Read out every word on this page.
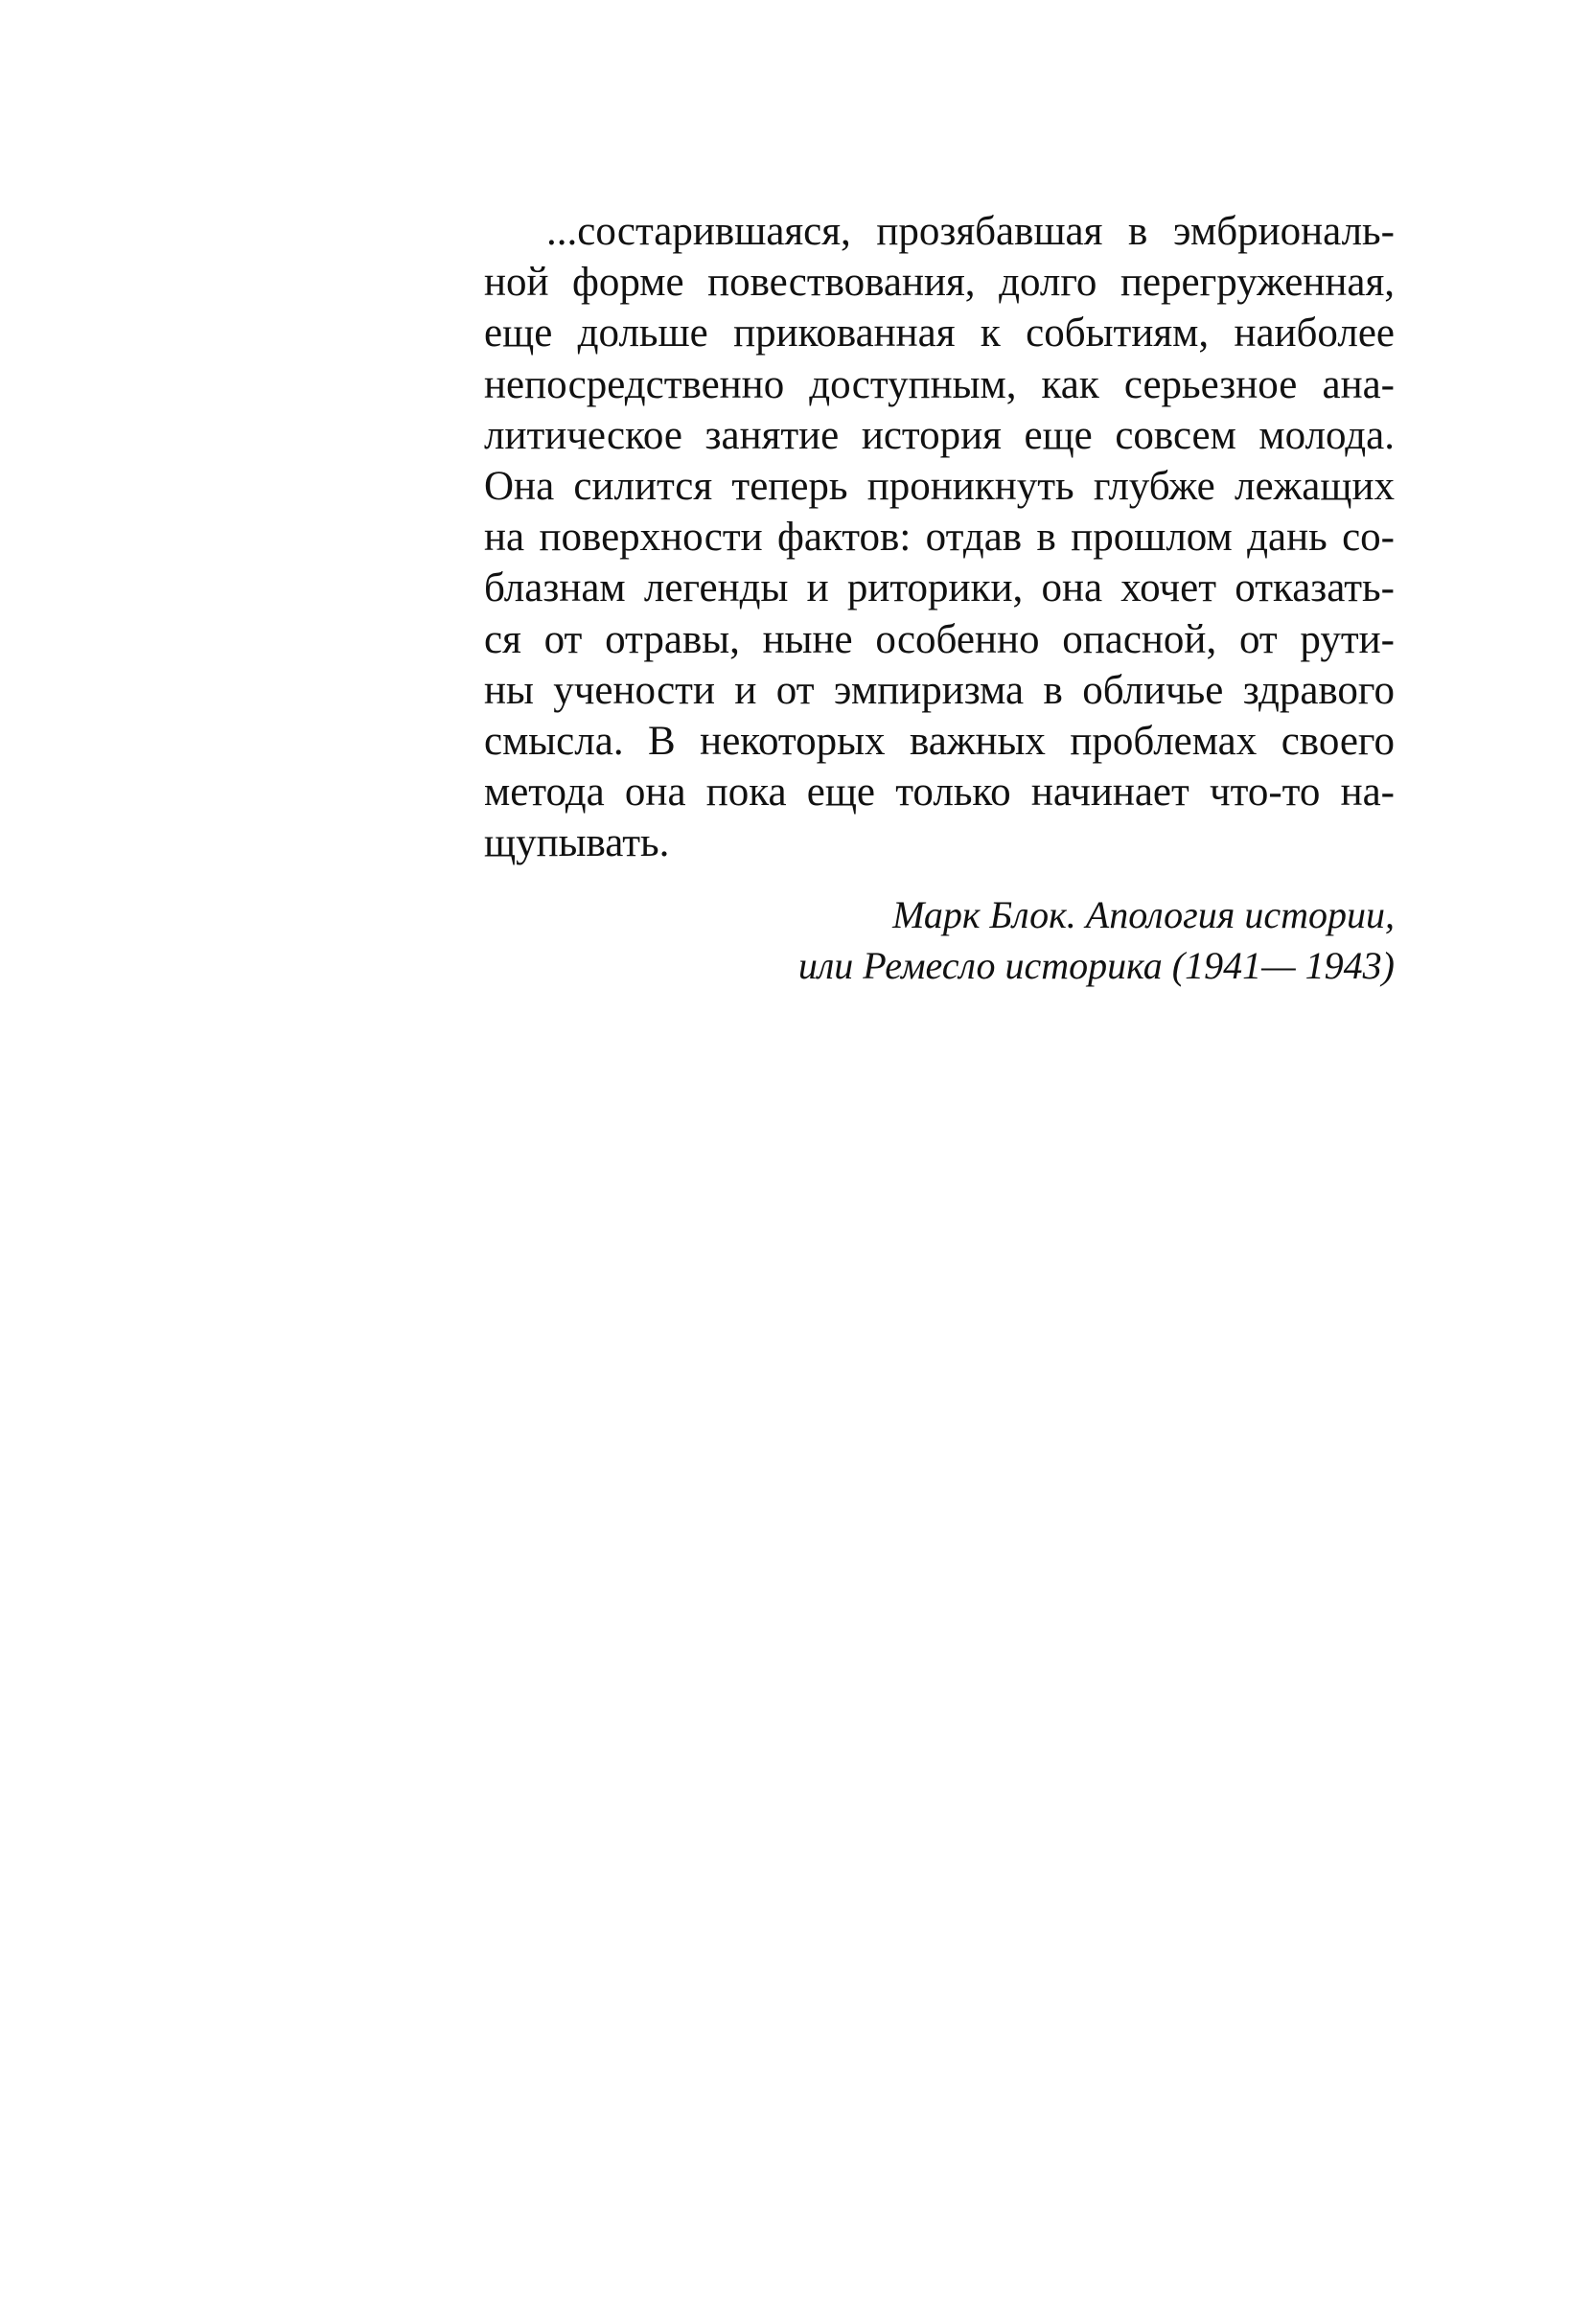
...состарившаяся, прозябавшая в эмбриональ-
ной форме повествования, долго перегруженная,
еще дольше прикованная к событиям, наиболее
непосредственно доступным, как серьезное ана-
литическое занятие история еще совсем молода.
Она силится теперь проникнуть глубже лежащих
на поверхности фактов: отдав в прошлом дань со-
блазнам легенды и риторики, она хочет отказать-
ся от отравы, ныне особенно опасной, от рути-
ны учености и от эмпиризма в обличье здравого
смысла. В некоторых важных проблемах своего
метода она пока еще только начинает что-то на-
щупывать.
Марк Блок. Апология истории,
или Ремесло историка (1941— 1943)
